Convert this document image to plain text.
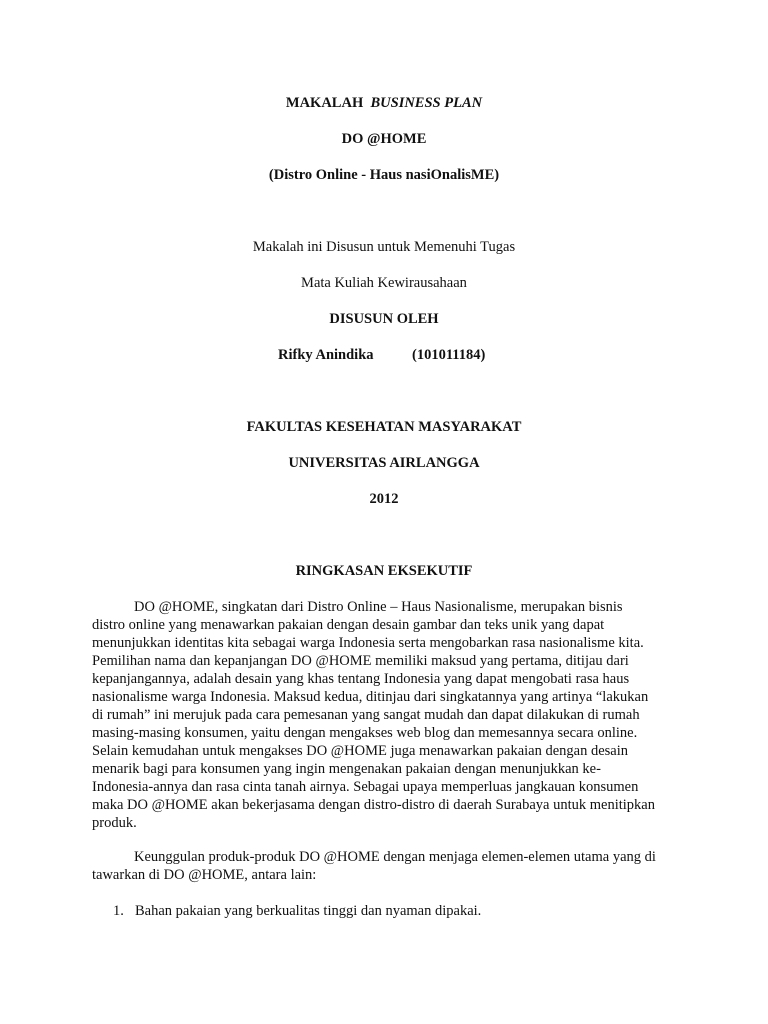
MAKALAH BUSINESS PLAN
DO @HOME
(Distro Online - Haus nasiOnalisME)
Makalah ini Disusun untuk Memenuhi Tugas
Mata Kuliah Kewirausahaan
DISUSUN OLEH
Rifky Anindika	(101011184)
FAKULTAS KESEHATAN MASYARAKAT
UNIVERSITAS AIRLANGGA
2012
RINGKASAN EKSEKUTIF
DO @HOME, singkatan dari Distro Online – Haus Nasionalisme, merupakan bisnis
distro online yang menawarkan pakaian dengan desain gambar dan teks unik yang dapat
menunjukkan identitas kita sebagai warga Indonesia serta mengobarkan rasa nasionalisme kita.
Pemilihan nama dan kepanjangan DO @HOME memiliki maksud yang pertama, ditijau dari
kepanjangannya, adalah desain yang khas tentang Indonesia yang dapat mengobati rasa haus
nasionalisme warga Indonesia. Maksud kedua, ditinjau dari singkatannya yang artinya “lakukan
di rumah” ini merujuk pada cara pemesanan yang sangat mudah dan dapat dilakukan di rumah
masing-masing konsumen, yaitu dengan mengakses web blog dan memesannya secara online.
Selain kemudahan untuk mengakses DO @HOME juga menawarkan pakaian dengan desain
menarik bagi para konsumen yang ingin mengenakan pakaian dengan menunjukkan ke-
Indonesia-annya dan rasa cinta tanah airnya. Sebagai upaya memperluas jangkauan konsumen
maka DO @HOME akan bekerjasama dengan distro-distro di daerah Surabaya untuk menitipkan
produk.
Keunggulan produk-produk DO @HOME dengan menjaga elemen-elemen utama yang di
tawarkan di DO @HOME, antara lain:
1. Bahan pakaian yang berkualitas tinggi dan nyaman dipakai.
